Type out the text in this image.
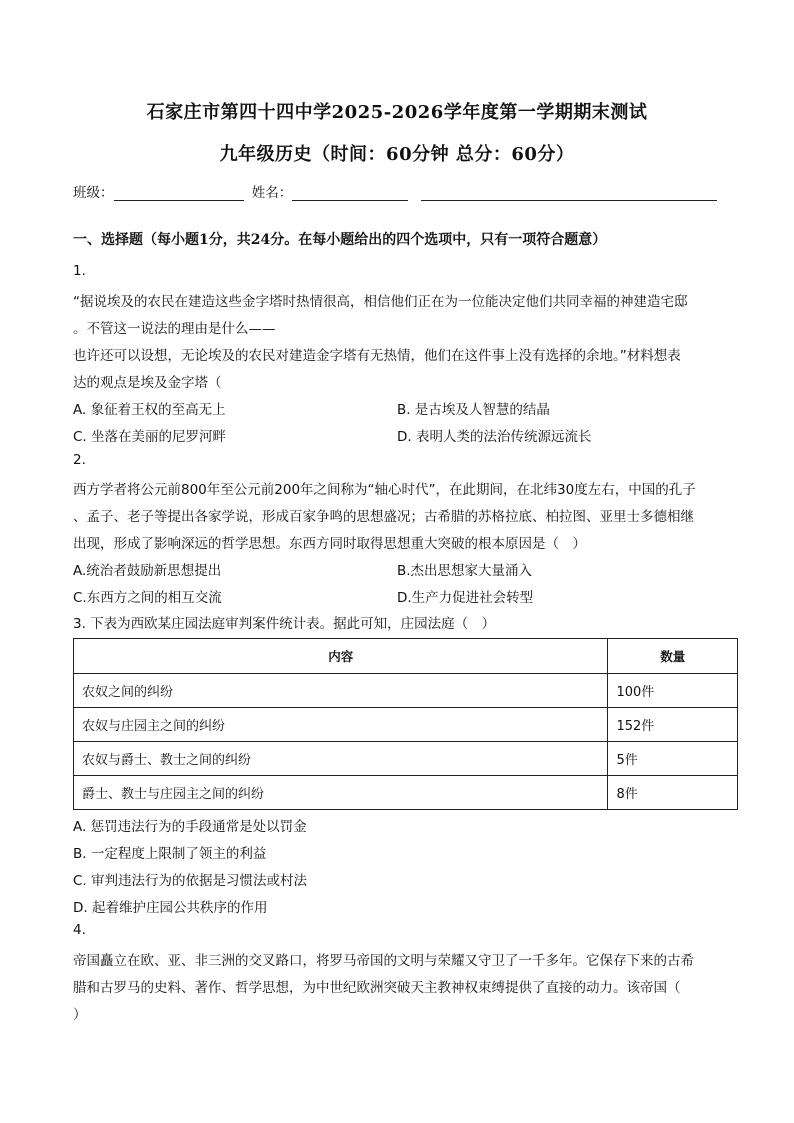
石家庄市第四十四中学2025-2026学年度第一学期期末测试
九年级历史（时间：60分钟 总分：60分）
班级：	姓名：
一、选择题（每小题1分，共24分。在每小题给出的四个选项中，只有一项符合题意）
1.
“据说埃及的农民在建造这些金字塔时热情很高，相信他们正在为一位能决定他们共同幸福的神建造宅邸
。不管这一说法的理由是什么——
也许还可以设想，无论埃及的农民对建造金字塔有无热情，他们在这件事上没有选择的余地。”材料想表
达的观点是埃及金字塔（
A. 象征着王权的至高无上	B. 是古埃及人智慧的结晶
C. 坐落在美丽的尼罗河畔	D. 表明人类的法治传统源远流长
2.
西方学者将公元前800年至公元前200年之间称为“轴心时代”，在此期间，在北纬30度左右，中国的孔子
、孟子、老子等提出各家学说，形成百家争鸣的思想盛况；古希腊的苏格拉底、柏拉图、亚里士多德相继
出现，形成了影响深远的哲学思想。东西方同时取得思想重大突破的根本原因是（　）
A.统治者鼓励新思想提出	B.杰出思想家大量涌入
C.东西方之间的相互交流	D.生产力促进社会转型
3. 下表为西欧某庄园法庭审判案件统计表。据此可知，庄园法庭（　）
内容	数量
农奴之间的纠纷	100件
农奴与庄园主之间的纠纷	152件
农奴与爵士、教士之间的纠纷	5件
爵士、教士与庄园主之间的纠纷	8件
A. 惩罚违法行为的手段通常是处以罚金
B. 一定程度上限制了领主的利益
C. 审判违法行为的依据是习惯法或村法
D. 起着维护庄园公共秩序的作用
4.
帝国矗立在欧、亚、非三洲的交叉路口，将罗马帝国的文明与荣耀又守卫了一千多年。它保存下来的古希
腊和古罗马的史料、著作、哲学思想，为中世纪欧洲突破天主教神权束缚提供了直接的动力。该帝国（
）
